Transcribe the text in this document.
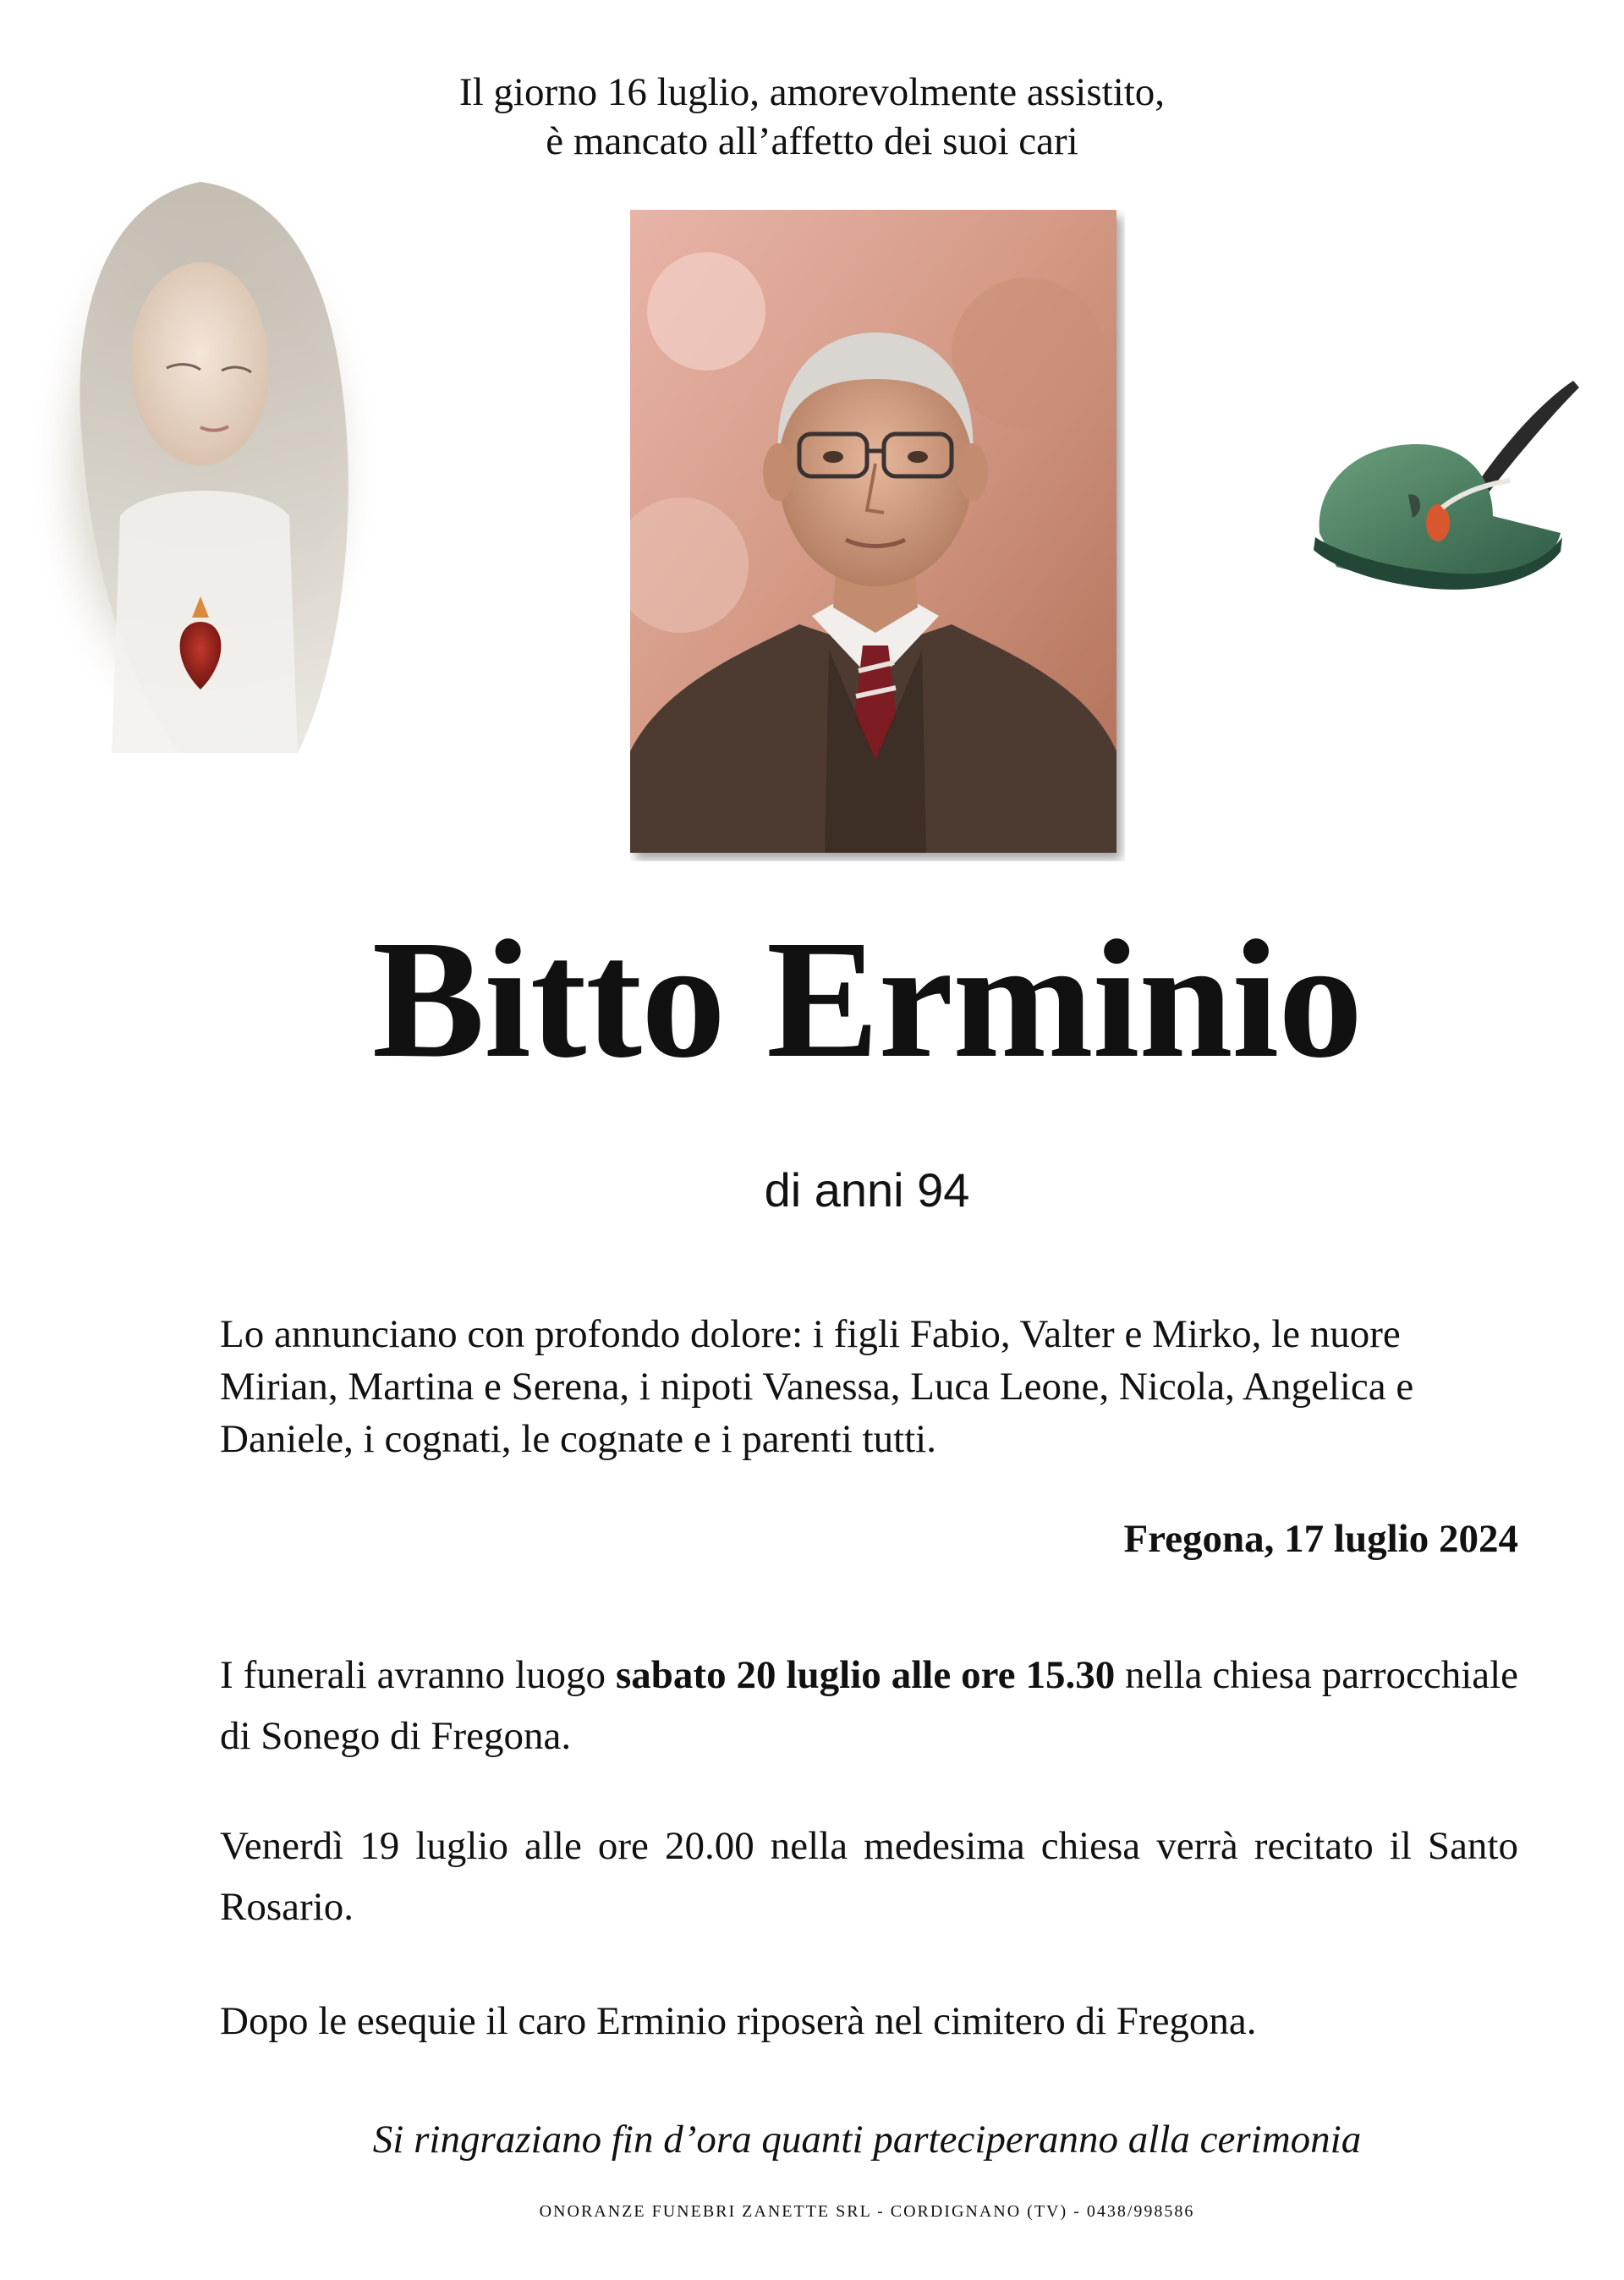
Il giorno 16 luglio, amorevolmente assistito,
è mancato all’affetto dei suoi cari
Bitto Erminio
di anni 94
Lo annunciano con profondo dolore: i figli Fabio, Valter e Mirko, le nuore Mirian, Martina e Serena, i nipoti Vanessa, Luca Leone, Nicola, Angelica e Daniele, i cognati, le cognate e i parenti tutti.
Fregona, 17 luglio 2024
I funerali avranno luogo sabato 20 luglio alle ore 15.30 nella chiesa parrocchiale di Sonego di Fregona.
Venerdì 19 luglio alle ore 20.00 nella medesima chiesa verrà recitato il Santo Rosario.
Dopo le esequie il caro Erminio riposerà nel cimitero di Fregona.
Si ringraziano fin d’ora quanti parteciperanno alla cerimonia
ONORANZE FUNEBRI ZANETTE SRL - CORDIGNANO (TV) - 0438/998586
